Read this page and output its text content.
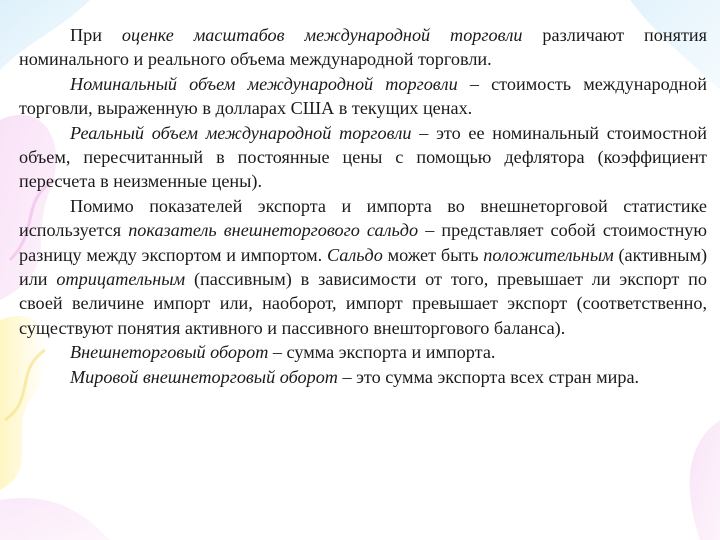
При оценке масштабов международной торговли различают понятия номинального и реального объема международной торговли.

Номинальный объем международной торговли – стоимость международной торговли, выраженную в долларах США в текущих ценах.

Реальный объем международной торговли – это ее номинальный стоимостной объем, пересчитанный в постоянные цены с помощью дефлятора (коэффициент пересчета в неизменные цены).

Помимо показателей экспорта и импорта во внешнеторговой статистике используется показатель внешнеторгового сальдо – представляет собой стоимостную разницу между экспортом и импортом. Сальдо может быть положительным (активным) или отрицательным (пассивным) в зависимости от того, превышает ли экспорт по своей величине импорт или, наоборот, импорт превышает экспорт (соответственно, существуют понятия активного и пассивного внешторгового баланса).

Внешнеторговый оборот – сумма экспорта и импорта.

Мировой внешнеторговый оборот – это сумма экспорта всех стран мира.
